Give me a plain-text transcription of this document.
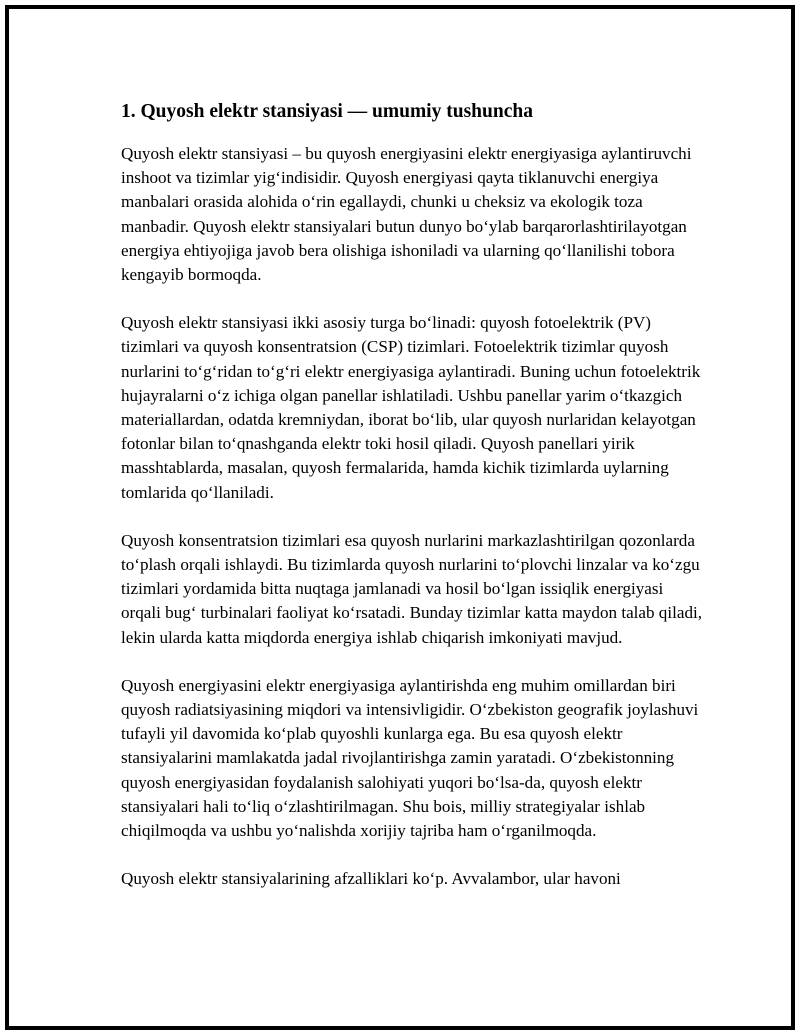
1. Quyosh elektr stansiyasi — umumiy tushuncha

Quyosh elektr stansiyasi – bu quyosh energiyasini elektr energiyasiga aylantiruvchi inshoot va tizimlar yig‘indisidir. Quyosh energiyasi qayta tiklanuvchi energiya manbalari orasida alohida o‘rin egallaydi, chunki u cheksiz va ekologik toza manbadir. Quyosh elektr stansiyalari butun dunyo bo‘ylab barqarorlashtirilayotgan energiya ehtiyojiga javob bera olishiga ishoniladi va ularning qo‘llanilishi tobora kengayib bormoqda.

Quyosh elektr stansiyasi ikki asosiy turga bo‘linadi: quyosh fotoelektrik (PV) tizimlari va quyosh konsentratsion (CSP) tizimlari. Fotoelektrik tizimlar quyosh nurlarini to‘g‘ridan to‘g‘ri elektr energiyasiga aylantiradi. Buning uchun fotoelektrik hujayralarni o‘z ichiga olgan panellar ishlatiladi. Ushbu panellar yarim o‘tkazgich materiallardan, odatda kremniydan, iborat bo‘lib, ular quyosh nurlaridan kelayotgan fotonlar bilan to‘qnashganda elektr toki hosil qiladi. Quyosh panellari yirik masshtablarda, masalan, quyosh fermalarida, hamda kichik tizimlarda uylarning tomlarida qo‘llaniladi.

Quyosh konsentratsion tizimlari esa quyosh nurlarini markazlashtirilgan qozonlarda to‘plash orqali ishlaydi. Bu tizimlarda quyosh nurlarini to‘plovchi linzalar va ko‘zgu tizimlari yordamida bitta nuqtaga jamlanadi va hosil bo‘lgan issiqlik energiyasi orqali bug‘ turbinalari faoliyat ko‘rsatadi. Bunday tizimlar katta maydon talab qiladi, lekin ularda katta miqdorda energiya ishlab chiqarish imkoniyati mavjud.

Quyosh energiyasini elektr energiyasiga aylantirishda eng muhim omillardan biri quyosh radiatsiyasining miqdori va intensivligidir. O‘zbekiston geografik joylashuvi tufayli yil davomida ko‘plab quyoshli kunlarga ega. Bu esa quyosh elektr stansiyalarini mamlakatda jadal rivojlantirishga zamin yaratadi. O‘zbekistonning quyosh energiyasidan foydalanish salohiyati yuqori bo‘lsa-da, quyosh elektr stansiyalari hali to‘liq o‘zlashtirilmagan. Shu bois, milliy strategiyalar ishlab chiqilmoqda va ushbu yo‘nalishda xorijiy tajriba ham o‘rganilmoqda.

Quyosh elektr stansiyalarining afzalliklari ko‘p. Avvalambor, ular havoni
